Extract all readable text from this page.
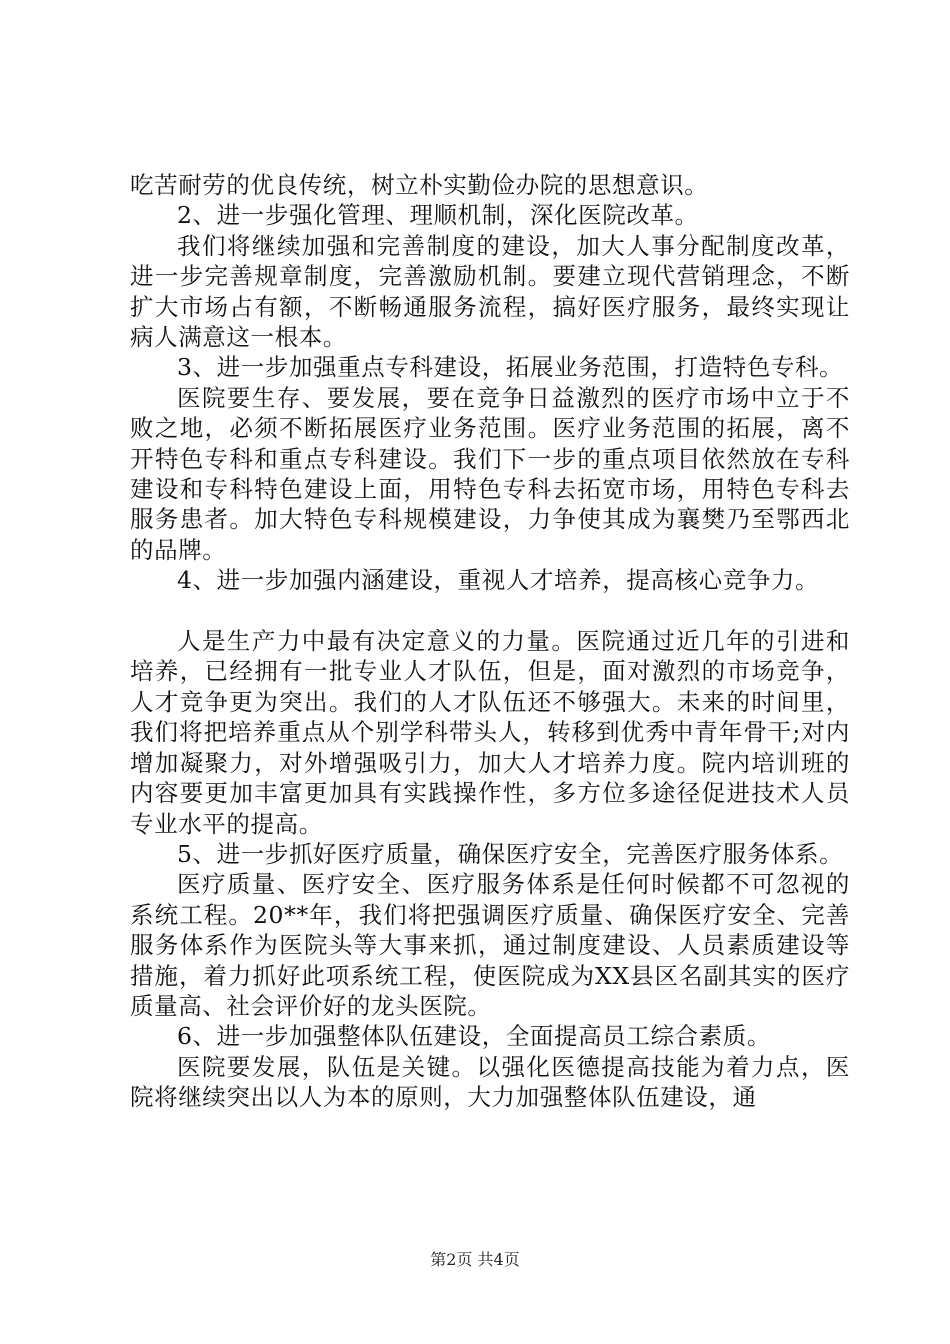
吃苦耐劳的优良传统，树立朴实勤俭办院的思想意识。

2、进一步强化管理、理顺机制，深化医院改革。

我们将继续加强和完善制度的建设，加大人事分配制度改革，进一步完善规章制度，完善激励机制。要建立现代营销理念，不断扩大市场占有额，不断畅通服务流程，搞好医疗服务，最终实现让病人满意这一根本。

3、进一步加强重点专科建设，拓展业务范围，打造特色专科。

医院要生存、要发展，要在竞争日益激烈的医疗市场中立于不败之地，必须不断拓展医疗业务范围。医疗业务范围的拓展，离不开特色专科和重点专科建设。我们下一步的重点项目依然放在专科建设和专科特色建设上面，用特色专科去拓宽市场，用特色专科去服务患者。加大特色专科规模建设，力争使其成为襄樊乃至鄂西北的品牌。

4、进一步加强内涵建设，重视人才培养，提高核心竞争力。

人是生产力中最有决定意义的力量。医院通过近几年的引进和培养，已经拥有一批专业人才队伍，但是，面对激烈的市场竞争，人才竞争更为突出。我们的人才队伍还不够强大。未来的时间里，我们将把培养重点从个别学科带头人，转移到优秀中青年骨干;对内增加凝聚力，对外增强吸引力，加大人才培养力度。院内培训班的内容要更加丰富更加具有实践操作性，多方位多途径促进技术人员专业水平的提高。

5、进一步抓好医疗质量，确保医疗安全，完善医疗服务体系。

医疗质量、医疗安全、医疗服务体系是任何时候都不可忽视的系统工程。20**年，我们将把强调医疗质量、确保医疗安全、完善服务体系作为医院头等大事来抓，通过制度建设、人员素质建设等措施，着力抓好此项系统工程，使医院成为XX县区名副其实的医疗质量高、社会评价好的龙头医院。

6、进一步加强整体队伍建设，全面提高员工综合素质。

医院要发展，队伍是关键。以强化医德提高技能为着力点，医院将继续突出以人为本的原则，大力加强整体队伍建设，通

第2页 共4页
